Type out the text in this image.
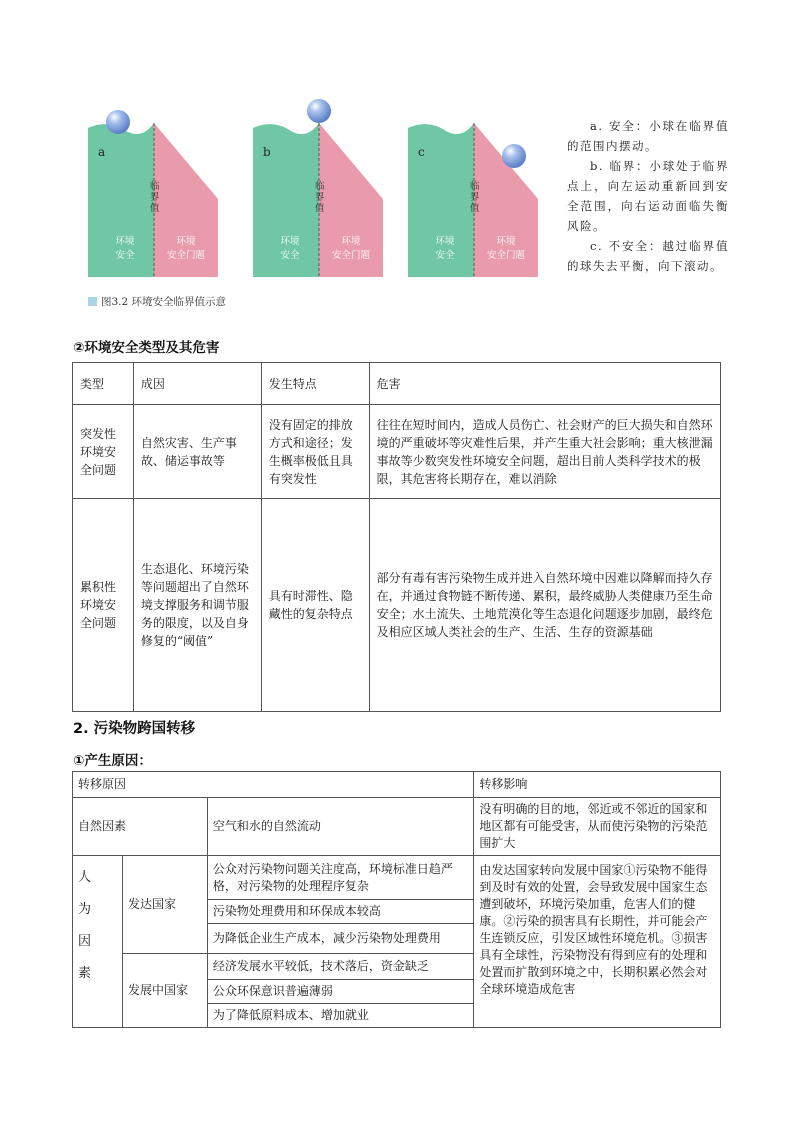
a
临界值
环境
安全
环境
安全门题
b
临界值
环境
安全
环境
安全门题
c
临界值
环境
安全
环境
安全门题
图3.2 环境安全临界值示意

a. 安全：小球在临界值的范围内摆动。

b. 临界：小球处于临界点上，向左运动重新回到安全范围，向右运动面临失衡风险。

c. 不安全：越过临界值的球失去平衡，向下滚动。

②环境安全类型及其危害
类型	成因	发生特点	危害
突发性环境安全问题	自然灾害、生产事故、储运事故等	没有固定的排放方式和途径；发生概率极低且具有突发性	往往在短时间内，造成人员伤亡、社会财产的巨大损失和自然环境的严重破坏等灾难性后果，并产生重大社会影响；重大核泄漏事故等少数突发性环境安全问题，超出目前人类科学技术的极限，其危害将长期存在，难以消除
累积性环境安全问题	生态退化、环境污染等问题超出了自然环境支撑服务和调节服务的限度，以及自身修复的“阈值”	具有时滞性、隐藏性的复杂特点	部分有毒有害污染物生成并进入自然环境中因难以降解而持久存在，并通过食物链不断传递、累积，最终威胁人类健康乃至生命安全；水土流失、土地荒漠化等生态退化问题逐步加剧，最终危及相应区域人类社会的生产、生活、生存的资源基础
2. 污染物跨国转移
①产生原因：
转移原因			转移影响
自然因素		空气和水的自然流动	没有明确的目的地，邻近或不邻近的国家和地区都有可能受害，从而使污染物的污染范围扩大

人
为
因
素	发达国家	公众对污染物问题关注度高，环境标准日趋严格，对污染物的处理程序复杂	由发达国家转向发展中国家①污染物不能得到及时有效的处置，会导致发展中国家生态遭到破坏，环境污染加重，危害人们的健康。②污染的损害具有长期性，并可能会产生连锁反应，引发区域性环境危机。③损害具有全球性，污染物没有得到应有的处理和处置而扩散到环境之中，长期积累必然会对全球环境造成危害
		污染物处理费用和环保成本较高	
		为降低企业生产成本，减少污染物处理费用	
	发展中国家	经济发展水平较低，技术落后，资金缺乏	
		公众环保意识普遍薄弱	
		为了降低原料成本、增加就业	
